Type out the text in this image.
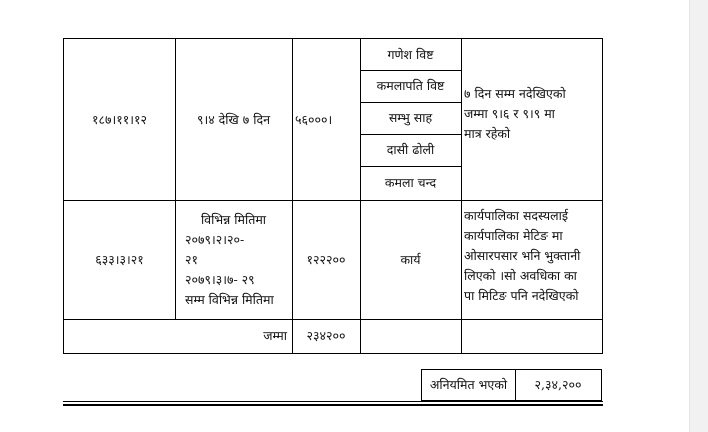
१८७।११।१२	९।४ देखि ७ दिन ५६०००।
गणेश विष्ट
कमलापति विष्ट
सम्भु साह
दासी ढोली
कमला चन्द
७ दिन सम्म नदेखिएको
जम्मा ९।६ र ९।९ मा
मात्र रहेको
६३३।३।२१
विभिन्न मितिमा
२०७९।२।२०-
२१
२०७९।३।७- २९
सम्म विभिन्न मितिमा
१२२२००	कार्य
कार्यपालिका सदस्यलाई
कार्यपालिका मेटिङ मा
ओसारपसार भनि भुक्तानी
लिएको ।सो अवधिका का
पा मिटिङ पनि नदेखिएको
जम्मा २३४२००
अनियमित भएको २,३४,२००
